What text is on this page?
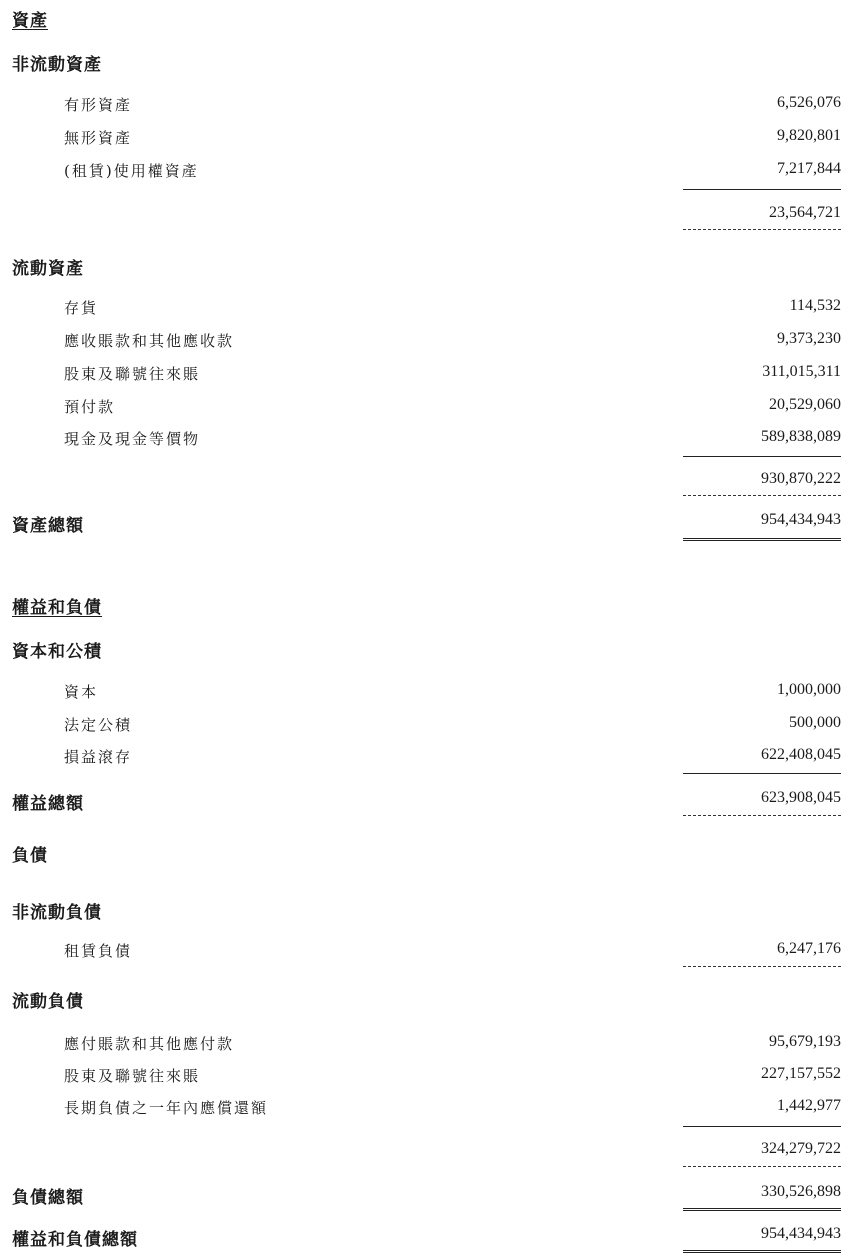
資產
非流動資產
有形資產	6,526,076
無形資產	9,820,801
(租賃)使用權資產	7,217,844
23,564,721
流動資產
存貨	114,532
應收賬款和其他應收款	9,373,230
股東及聯號往來賬	311,015,311
預付款	20,529,060
現金及現金等價物	589,838,089
930,870,222
資產總額	954,434,943
權益和負債
資本和公積
資本	1,000,000
法定公積	500,000
損益滾存	622,408,045
權益總額	623,908,045
負債
非流動負債
租賃負債	6,247,176
流動負債
應付賬款和其他應付款	95,679,193
股東及聯號往來賬	227,157,552
長期負債之一年內應償還額	1,442,977
324,279,722
負債總額	330,526,898
權益和負債總額	954,434,943
